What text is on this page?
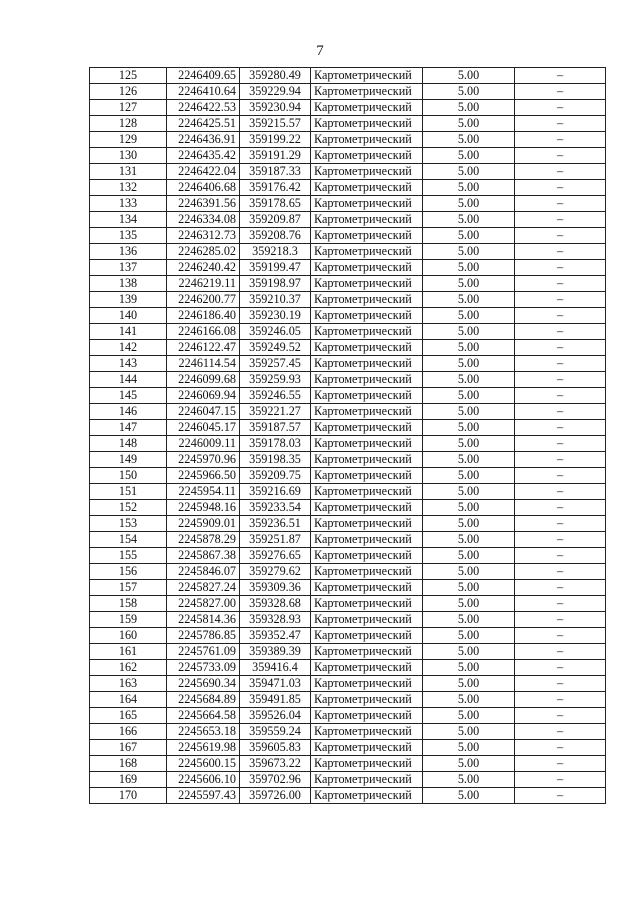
7
125	2246409.65	359280.49	Картометрический	5.00	–
126	2246410.64	359229.94	Картометрический	5.00	–
127	2246422.53	359230.94	Картометрический	5.00	–
128	2246425.51	359215.57	Картометрический	5.00	–
129	2246436.91	359199.22	Картометрический	5.00	–
130	2246435.42	359191.29	Картометрический	5.00	–
131	2246422.04	359187.33	Картометрический	5.00	–
132	2246406.68	359176.42	Картометрический	5.00	–
133	2246391.56	359178.65	Картометрический	5.00	–
134	2246334.08	359209.87	Картометрический	5.00	–
135	2246312.73	359208.76	Картометрический	5.00	–
136	2246285.02	359218.3	Картометрический	5.00	–
137	2246240.42	359199.47	Картометрический	5.00	–
138	2246219.11	359198.97	Картометрический	5.00	–
139	2246200.77	359210.37	Картометрический	5.00	–
140	2246186.40	359230.19	Картометрический	5.00	–
141	2246166.08	359246.05	Картометрический	5.00	–
142	2246122.47	359249.52	Картометрический	5.00	–
143	2246114.54	359257.45	Картометрический	5.00	–
144	2246099.68	359259.93	Картометрический	5.00	–
145	2246069.94	359246.55	Картометрический	5.00	–
146	2246047.15	359221.27	Картометрический	5.00	–
147	2246045.17	359187.57	Картометрический	5.00	–
148	2246009.11	359178.03	Картометрический	5.00	–
149	2245970.96	359198.35	Картометрический	5.00	–
150	2245966.50	359209.75	Картометрический	5.00	–
151	2245954.11	359216.69	Картометрический	5.00	–
152	2245948.16	359233.54	Картометрический	5.00	–
153	2245909.01	359236.51	Картометрический	5.00	–
154	2245878.29	359251.87	Картометрический	5.00	–
155	2245867.38	359276.65	Картометрический	5.00	–
156	2245846.07	359279.62	Картометрический	5.00	–
157	2245827.24	359309.36	Картометрический	5.00	–
158	2245827.00	359328.68	Картометрический	5.00	–
159	2245814.36	359328.93	Картометрический	5.00	–
160	2245786.85	359352.47	Картометрический	5.00	–
161	2245761.09	359389.39	Картометрический	5.00	–
162	2245733.09	359416.4	Картометрический	5.00	–
163	2245690.34	359471.03	Картометрический	5.00	–
164	2245684.89	359491.85	Картометрический	5.00	–
165	2245664.58	359526.04	Картометрический	5.00	–
166	2245653.18	359559.24	Картометрический	5.00	–
167	2245619.98	359605.83	Картометрический	5.00	–
168	2245600.15	359673.22	Картометрический	5.00	–
169	2245606.10	359702.96	Картометрический	5.00	–
170	2245597.43	359726.00	Картометрический	5.00	–
